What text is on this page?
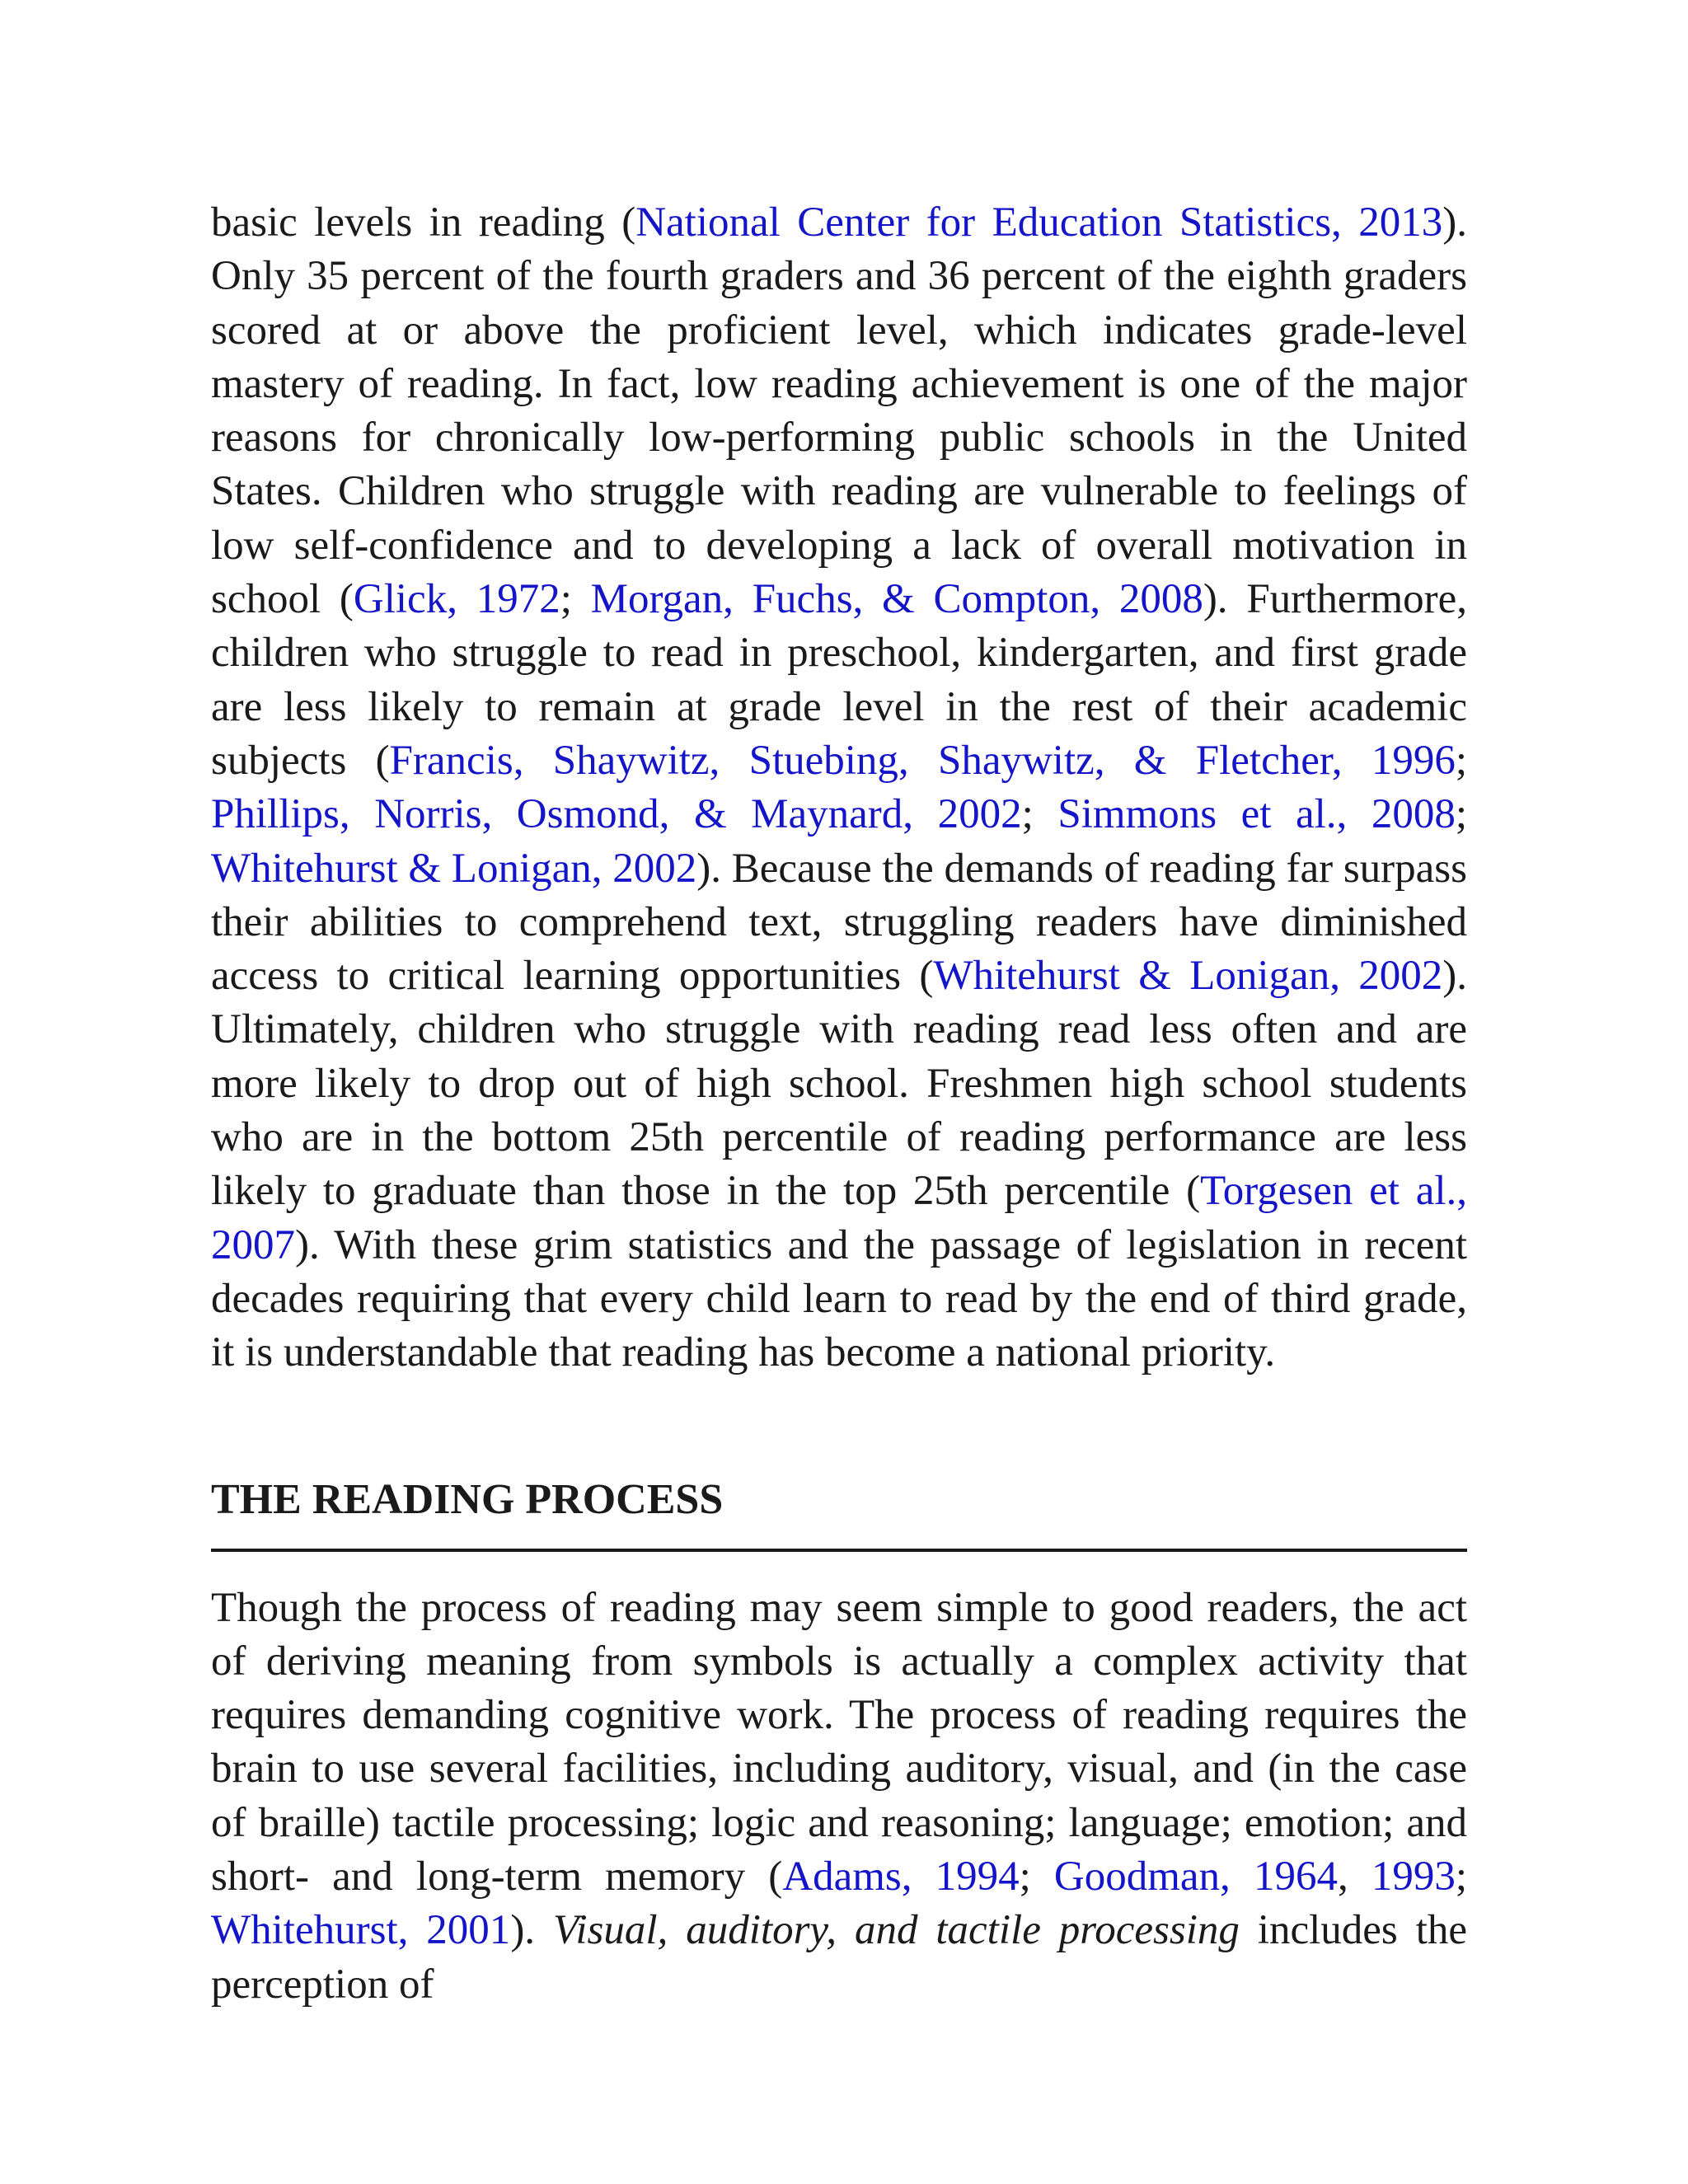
basic levels in reading (National Center for Education Statistics, 2013). Only 35 percent of the fourth graders and 36 percent of the eighth graders scored at or above the proficient level, which indicates grade-level mastery of reading. In fact, low reading achievement is one of the major reasons for chronically low-performing public schools in the United States. Children who struggle with reading are vulnerable to feelings of low self-confidence and to developing a lack of overall motivation in school (Glick, 1972; Morgan, Fuchs, & Compton, 2008). Furthermore, children who struggle to read in preschool, kindergarten, and first grade are less likely to remain at grade level in the rest of their academic subjects (Francis, Shaywitz, Stuebing, Shaywitz, & Fletcher, 1996; Phillips, Norris, Osmond, & Maynard, 2002; Simmons et al., 2008; Whitehurst & Lonigan, 2002). Because the demands of reading far surpass their abilities to comprehend text, struggling readers have diminished access to critical learning opportunities (Whitehurst & Lonigan, 2002). Ultimately, children who struggle with reading read less often and are more likely to drop out of high school. Freshmen high school students who are in the bottom 25th percentile of reading performance are less likely to graduate than those in the top 25th percentile (Torgesen et al., 2007). With these grim statistics and the passage of legislation in recent decades requiring that every child learn to read by the end of third grade, it is understandable that reading has become a national priority.

THE READING PROCESS

Though the process of reading may seem simple to good readers, the act of deriving meaning from symbols is actually a complex activity that requires demanding cognitive work. The process of reading requires the brain to use several facilities, including auditory, visual, and (in the case of braille) tactile processing; logic and reasoning; language; emotion; and short- and long-term memory (Adams, 1994; Goodman, 1964, 1993; Whitehurst, 2001). Visual, auditory, and tactile processing includes the perception of
